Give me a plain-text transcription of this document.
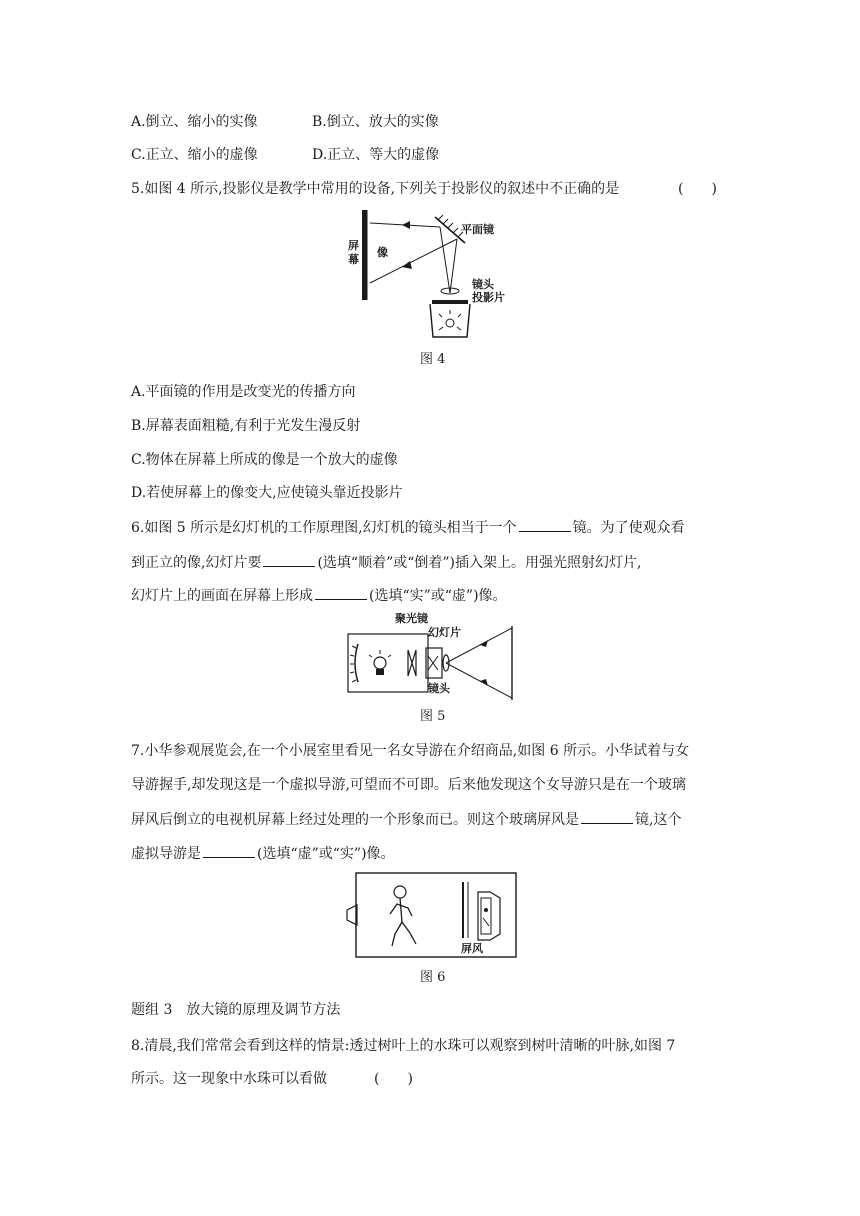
A.倒立、缩小的实像	B.倒立、放大的实像
C.正立、缩小的虚像	D.正立、等大的虚像
5.如图 4 所示,投影仪是教学中常用的设备,下列关于投影仪的叙述中不正确的是	(　　)
屏
幕
像
平面镜
镜头
投影片
图 4
A.平面镜的作用是改变光的传播方向
B.屏幕表面粗糙,有利于光发生漫反射
C.物体在屏幕上所成的像是一个放大的虚像
D.若使屏幕上的像变大,应使镜头靠近投影片
6.如图 5 所示是幻灯机的工作原理图,幻灯机的镜头相当于一个	镜。为了使观众看
到正立的像,幻灯片要	(选填“顺着”或“倒着”)插入架上。用强光照射幻灯片,
幻灯片上的画面在屏幕上形成	(选填“实”或“虚”)像。
聚光镜
幻灯片
镜头
图 5
7.小华参观展览会,在一个小展室里看见一名女导游在介绍商品,如图 6 所示。小华试着与女
导游握手,却发现这是一个虚拟导游,可望而不可即。后来他发现这个女导游只是在一个玻璃
屏风后倒立的电视机屏幕上经过处理的一个形象而已。则这个玻璃屏风是	镜,这个
虚拟导游是	(选填“虚”或“实”)像。
屏风
图 6
题组 3　放大镜的原理及调节方法
8.清晨,我们常常会看到这样的情景:透过树叶上的水珠可以观察到树叶清晰的叶脉,如图 7
所示。这一现象中水珠可以看做	(　　)
